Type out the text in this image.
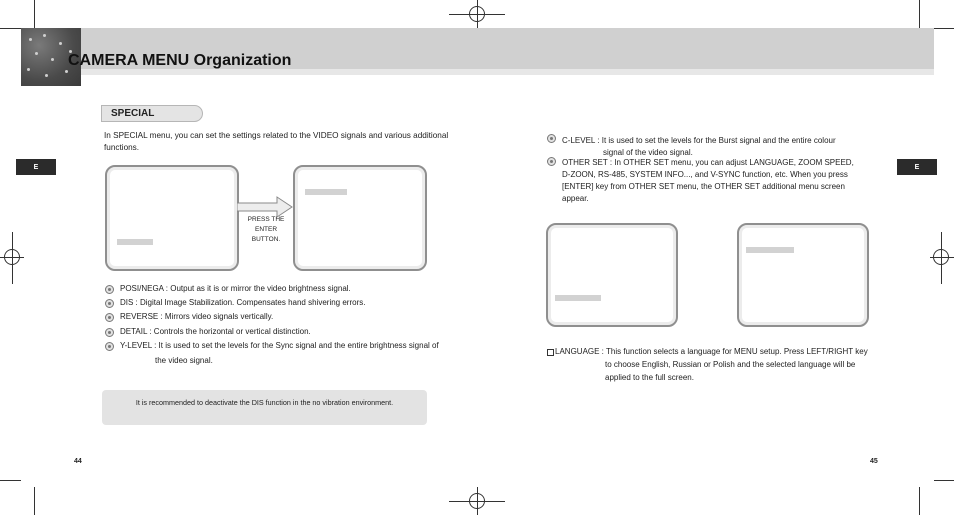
CAMERA MENU Organization
E	E
SPECIAL
In SPECIAL menu, you can set the settings related to the VIDEO signals and various additional
functions.
PRESS THE
ENTER
BUTTON.
POSI/NEGA : Output as it is or mirror the video brightness signal.
DIS : Digital Image Stabilization. Compensates hand shivering errors.
REVERSE : Mirrors video signals vertically.
DETAIL : Controls the horizontal or vertical distinction.
Y-LEVEL : It is used to set the levels for the Sync signal and the entire brightness signal of
the video signal.
It is recommended to deactivate the DIS function in the no vibration environment.
44
C-LEVEL : It is used to set the levels for the Burst signal and the entire colour
signal of the video signal.
OTHER SET : In OTHER SET menu, you can adjust LANGUAGE, ZOOM SPEED,
D-ZOON, RS-485, SYSTEM INFO..., and V-SYNC function, etc. When you press
[ENTER] key from OTHER SET menu, the OTHER SET additional menu screen
appear.
LANGUAGE : This function selects a language for MENU setup. Press LEFT/RIGHT key
to choose English, Russian or Polish and the selected language will be
applied to the full screen.
45
